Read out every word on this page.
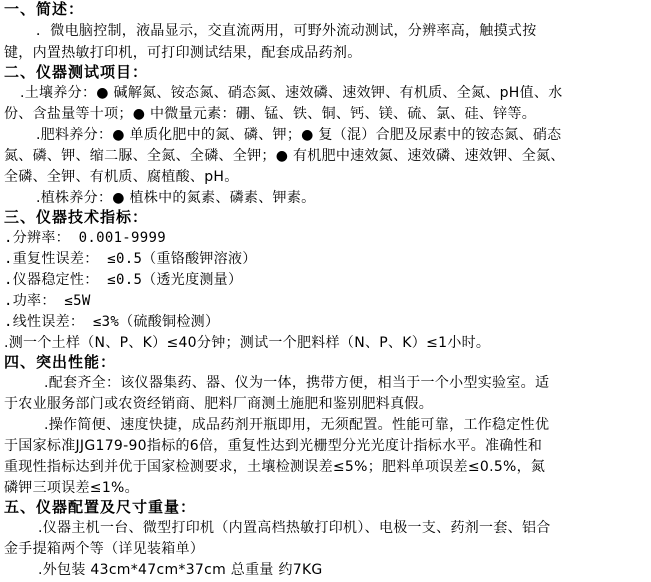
一、简述：
．微电脑控制，液晶显示，交直流两用，可野外流动测试，分辨率高，触摸式按
键，内置热敏打印机，可打印测试结果，配套成品药剂。
二、仪器测试项目：
.土壤养分：● 碱解氮、铵态氮、硝态氮、速效磷、速效钾、有机质、全氮、pH值、水
份、含盐量等十项；● 中微量元素：硼、锰、铁、铜、钙、镁、硫、氯、硅、锌等。
.肥料养分：● 单质化肥中的氮、磷、钾；● 复（混）合肥及尿素中的铵态氮、硝态
氮、磷、钾、缩二脲、全氮、全磷、全钾；● 有机肥中速效氮、速效磷、速效钾、全氮、
全磷、全钾、有机质、腐植酸、pH。
.植株养分：● 植株中的氮素、磷素、钾素。
三、仪器技术指标：
.分辨率： 0.001-9999
.重复性误差： ≤0.5（重铬酸钾溶液）
.仪器稳定性： ≤0.5（透光度测量）
.功率： ≤5W
.线性误差： ≤3%（硫酸铜检测）
.测一个土样（N、P、K）≤40分钟；测试一个肥料样（N、P、K）≤1小时。
四、突出性能：
.配套齐全：该仪器集药、器、仪为一体，携带方便，相当于一个小型实验室。适
于农业服务部门或农资经销商、肥料厂商测土施肥和鉴别肥料真假。
.操作简便、速度快捷，成品药剂开瓶即用，无须配置。性能可靠，工作稳定性优
于国家标准JJG179-90指标的6倍，重复性达到光栅型分光光度计指标水平。准确性和
重现性指标达到并优于国家检测要求，土壤检测误差≤5%；肥料单项误差≤0.5%，氮
磷钾三项误差≤1%。
五、仪器配置及尺寸重量：
.仪器主机一台、微型打印机（内置高档热敏打印机）、电极一支、药剂一套、铝合
金手提箱两个等（详见装箱单）
.外包装 43cm*47cm*37cm 总重量 约7KG
